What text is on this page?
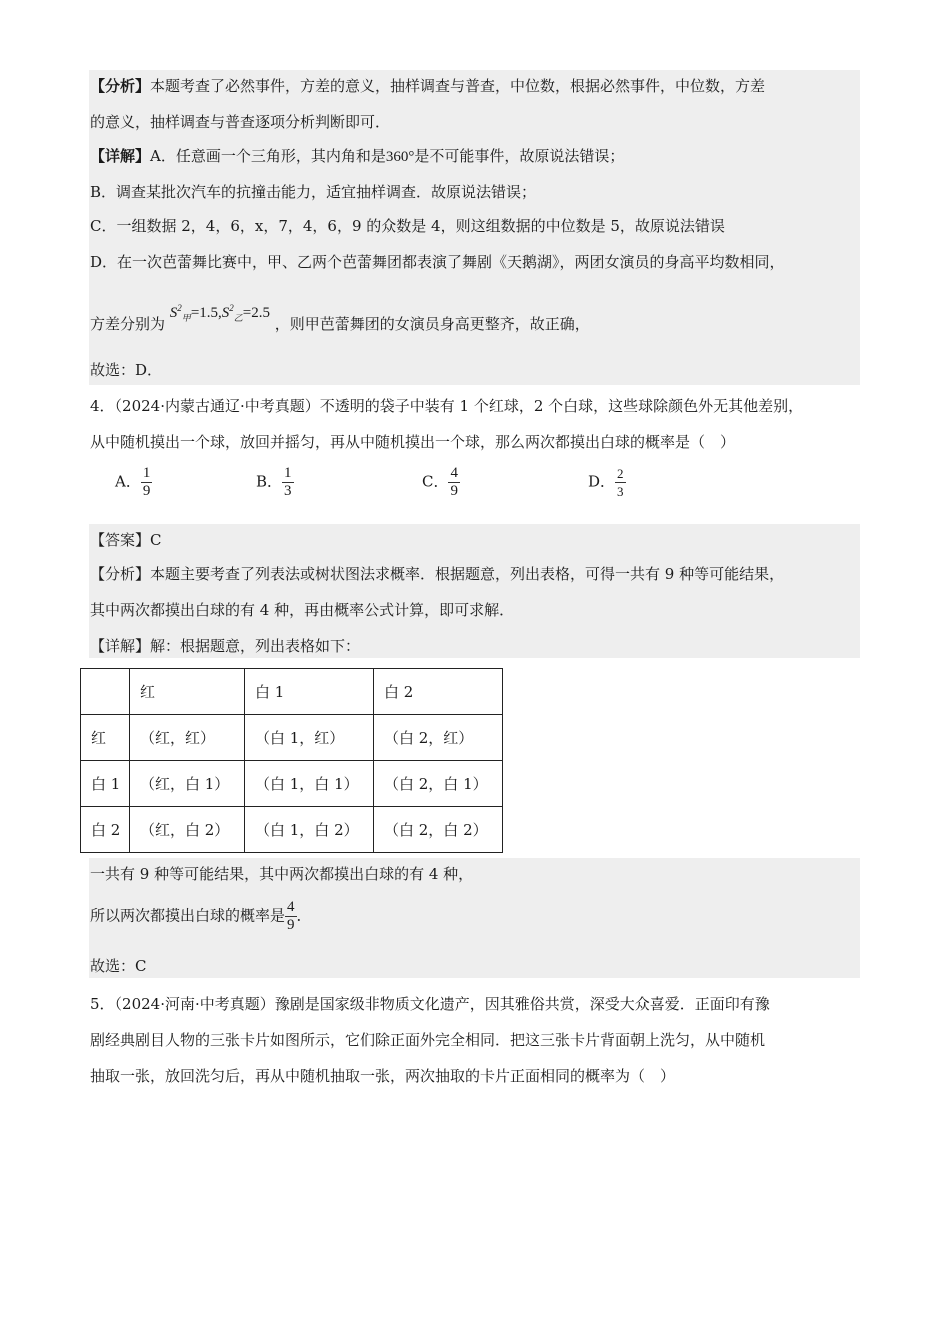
【分析】本题考查了必然事件，方差的意义，抽样调查与普查，中位数，根据必然事件，中位数，方差
的意义，抽样调查与普查逐项分析判断即可．
【详解】A．任意画一个三角形，其内角和是360°是不可能事件，故原说法错误；
B．调查某批次汽车的抗撞击能力，适宜抽样调查．故原说法错误；
C．一组数据 2，4，6，x，7，4，6，9 的众数是 4，则这组数据的中位数是 5，故原说法错误
D．在一次芭蕾舞比赛中，甲、乙两个芭蕾舞团都表演了舞剧《天鹅湖》，两团女演员的身高平均数相同，
方差分别为 $S^2_甲=1.5,S^2_乙=2.5$ ，则甲芭蕾舞团的女演员身高更整齐，故正确，
故选：D．
4．（2024·内蒙古通辽·中考真题）不透明的袋子中装有 1 个红球，2 个白球，这些球除颜色外无其他差别，
从中随机摸出一个球，放回并摇匀，再从中随机摸出一个球，那么两次都摸出白球的概率是（　）
A． $\frac{1}{9}$	B． $\frac{1}{3}$	C． $\frac{4}{9}$	D． $\frac{2}{3}$
【答案】C
【分析】本题主要考查了列表法或树状图法求概率．根据题意，列出表格，可得一共有 9 种等可能结果，
其中两次都摸出白球的有 4 种，再由概率公式计算，即可求解．
【详解】解：根据题意，列出表格如下：
	红	白 1	白 2
红	（红，红）	（白 1，红）	（白 2，红）
白 1	（红，白 1）	（白 1，白 1）	（白 2，白 1）
白 2	（红，白 2）	（白 1，白 2）	（白 2，白 2）
一共有 9 种等可能结果，其中两次都摸出白球的有 4 种，
所以两次都摸出白球的概率是 $\frac{4}{9}$ ．
故选：C
5．（2024·河南·中考真题）豫剧是国家级非物质文化遗产，因其雅俗共赏，深受大众喜爱．正面印有豫
剧经典剧目人物的三张卡片如图所示，它们除正面外完全相同．把这三张卡片背面朝上洗匀，从中随机
抽取一张，放回洗匀后，再从中随机抽取一张，两次抽取的卡片正面相同的概率为（　）
